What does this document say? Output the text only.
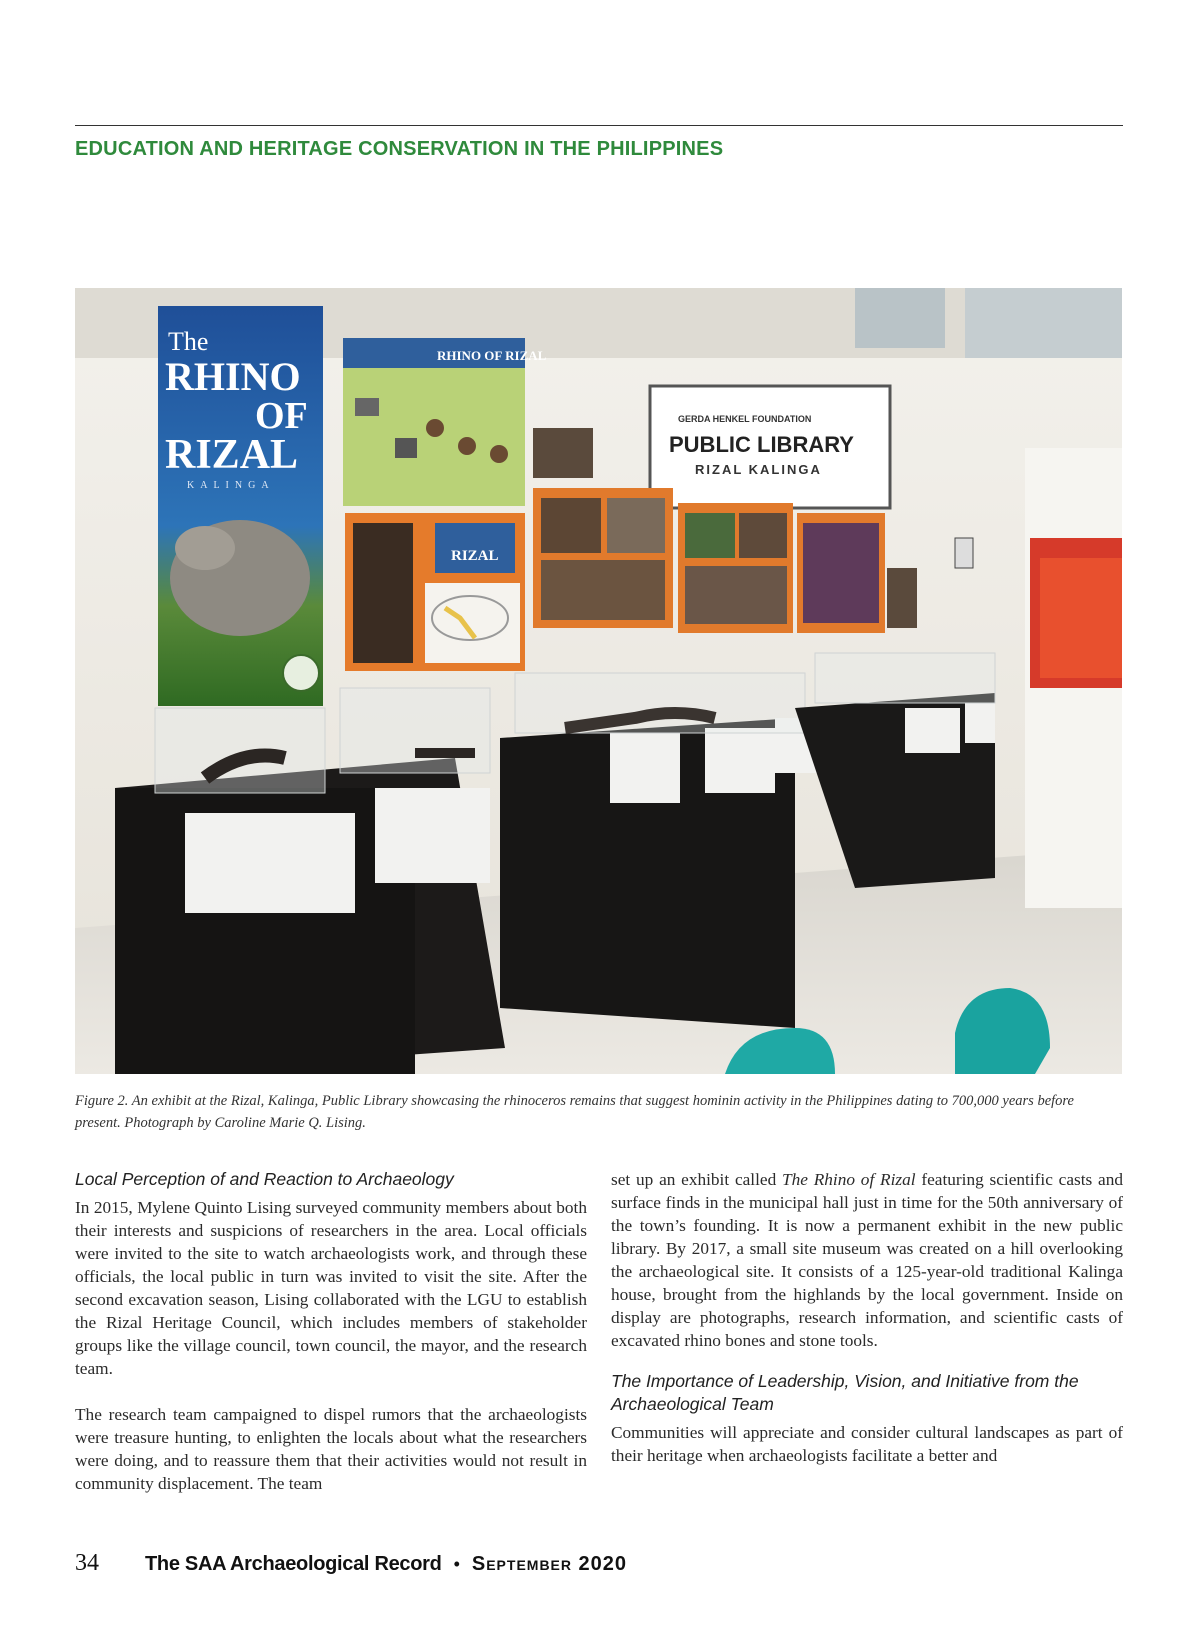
EDUCATION AND HERITAGE CONSERVATION IN THE PHILIPPINES
The
RHINO
OF
RIZAL
KALINGA
RHINO OF RIZAL
RIZAL
GERDA HENKEL FOUNDATION
PUBLIC LIBRARY
RIZAL KALINGA
Figure 2. An exhibit at the Rizal, Kalinga, Public Library showcasing the rhinoceros remains that suggest hominin activity in the Philippines dating to 700,000 years before present. Photograph by Caroline Marie Q. Lising.
Local Perception of and Reaction to Archaeology

In 2015, Mylene Quinto Lising surveyed community members about both their interests and suspicions of researchers in the area. Local officials were invited to the site to watch archaeologists work, and through these officials, the local public in turn was invited to visit the site. After the second excavation season, Lising collaborated with the LGU to establish the Rizal Heritage Council, which includes members of stakeholder groups like the village council, town council, the mayor, and the research team.

The research team campaigned to dispel rumors that the archaeologists were treasure hunting, to enlighten the locals about what the researchers were doing, and to reassure them that their activities would not result in community displacement. The team

set up an exhibit called The Rhino of Rizal featuring scientific casts and surface finds in the municipal hall just in time for the 50th anniversary of the town’s founding. It is now a permanent exhibit in the new public library. By 2017, a small site museum was created on a hill overlooking the archaeological site. It consists of a 125-year-old traditional Kalinga house, brought from the highlands by the local government. Inside on display are photographs, research information, and scientific casts of excavated rhino bones and stone tools.

The Importance of Leadership, Vision, and Initiative from the Archaeological Team

Communities will appreciate and consider cultural landscapes as part of their heritage when archaeologists facilitate a better and

34	The SAA Archaeological Record • September 2020
